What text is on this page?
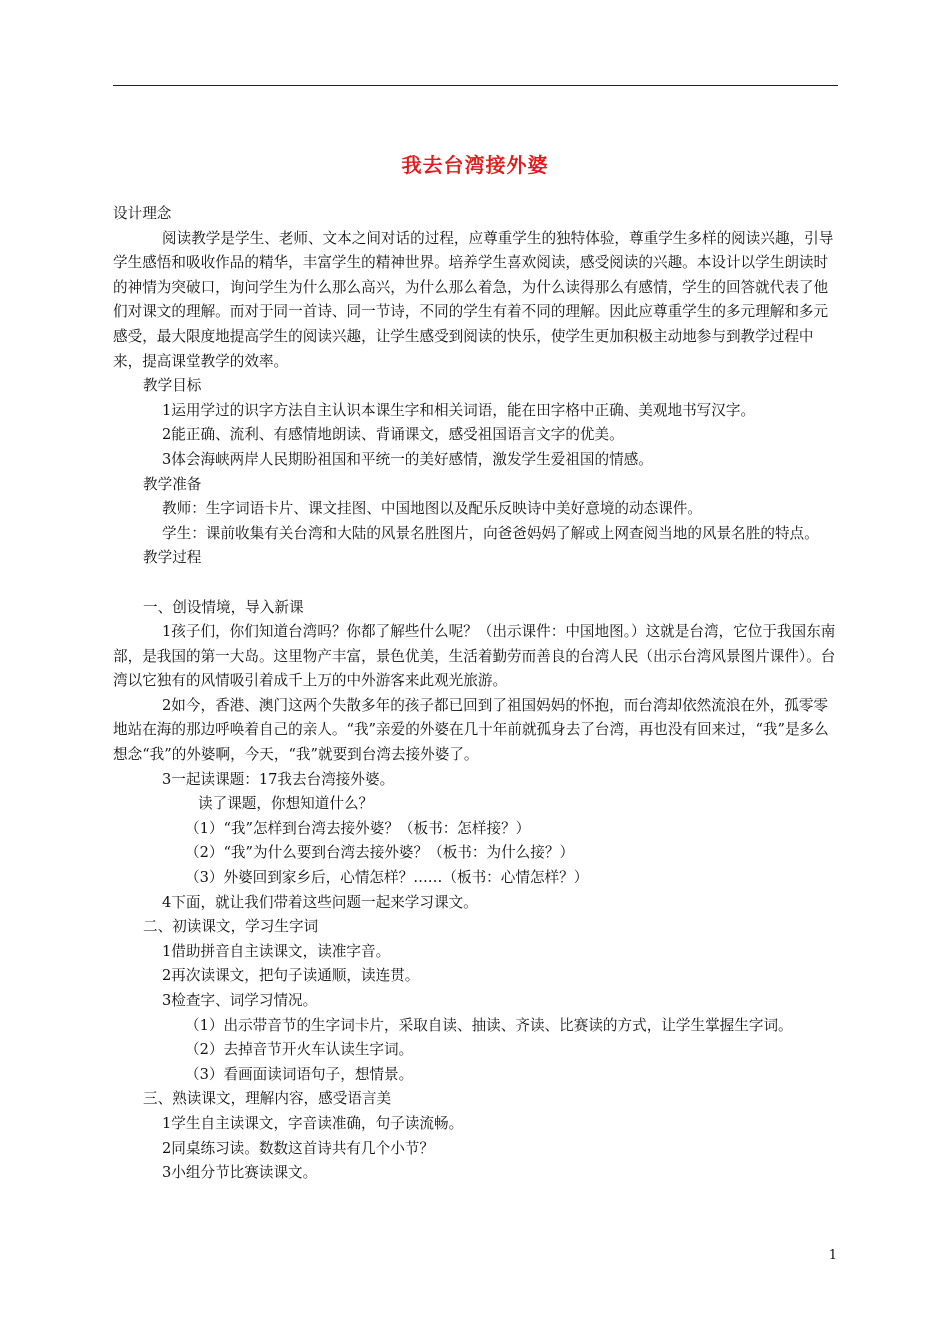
我去台湾接外婆

设计理念

阅读教学是学生、老师、文本之间对话的过程，应尊重学生的独特体验，尊重学生多样的阅读兴趣，引导学生感悟和吸收作品的精华，丰富学生的精神世界。培养学生喜欢阅读，感受阅读的兴趣。本设计以学生朗读时的神情为突破口，询问学生为什么那么高兴，为什么那么着急，为什么读得那么有感情，学生的回答就代表了他们对课文的理解。而对于同一首诗、同一节诗，不同的学生有着不同的理解。因此应尊重学生的多元理解和多元感受，最大限度地提高学生的阅读兴趣，让学生感受到阅读的快乐，使学生更加积极主动地参与到教学过程中来，提高课堂教学的效率。

教学目标

1运用学过的识字方法自主认识本课生字和相关词语，能在田字格中正确、美观地书写汉字。

2能正确、流利、有感情地朗读、背诵课文，感受祖国语言文字的优美。

3体会海峡两岸人民期盼祖国和平统一的美好感情，激发学生爱祖国的情感。

教学准备

教师：生字词语卡片、课文挂图、中国地图以及配乐反映诗中美好意境的动态课件。

学生：课前收集有关台湾和大陆的风景名胜图片，向爸爸妈妈了解或上网查阅当地的风景名胜的特点。

教学过程

一、创设情境，导入新课

1孩子们，你们知道台湾吗？你都了解些什么呢？（出示课件：中国地图。）这就是台湾，它位于我国东南部，是我国的第一大岛。这里物产丰富，景色优美，生活着勤劳而善良的台湾人民（出示台湾风景图片课件）。台湾以它独有的风情吸引着成千上万的中外游客来此观光旅游。

2如今，香港、澳门这两个失散多年的孩子都已回到了祖国妈妈的怀抱，而台湾却依然流浪在外，孤零零地站在海的那边呼唤着自己的亲人。“我”亲爱的外婆在几十年前就孤身去了台湾，再也没有回来过，“我”是多么想念“我”的外婆啊，今天，“我”就要到台湾去接外婆了。

3一起读课题：17我去台湾接外婆。

读了课题，你想知道什么？

（1）“我”怎样到台湾去接外婆？（板书：怎样接？）

（2）“我”为什么要到台湾去接外婆？（板书：为什么接？）

（3）外婆回到家乡后，心情怎样？……（板书：心情怎样？）

4下面，就让我们带着这些问题一起来学习课文。

二、初读课文，学习生字词

1借助拼音自主读课文，读准字音。

2再次读课文，把句子读通顺，读连贯。

3检查字、词学习情况。

（1）出示带音节的生字词卡片，采取自读、抽读、齐读、比赛读的方式，让学生掌握生字词。

（2）去掉音节开火车认读生字词。

（3）看画面读词语句子，想情景。

三、熟读课文，理解内容，感受语言美

1学生自主读课文，字音读准确，句子读流畅。

2同桌练习读。数数这首诗共有几个小节？

3小组分节比赛读课文。

1
